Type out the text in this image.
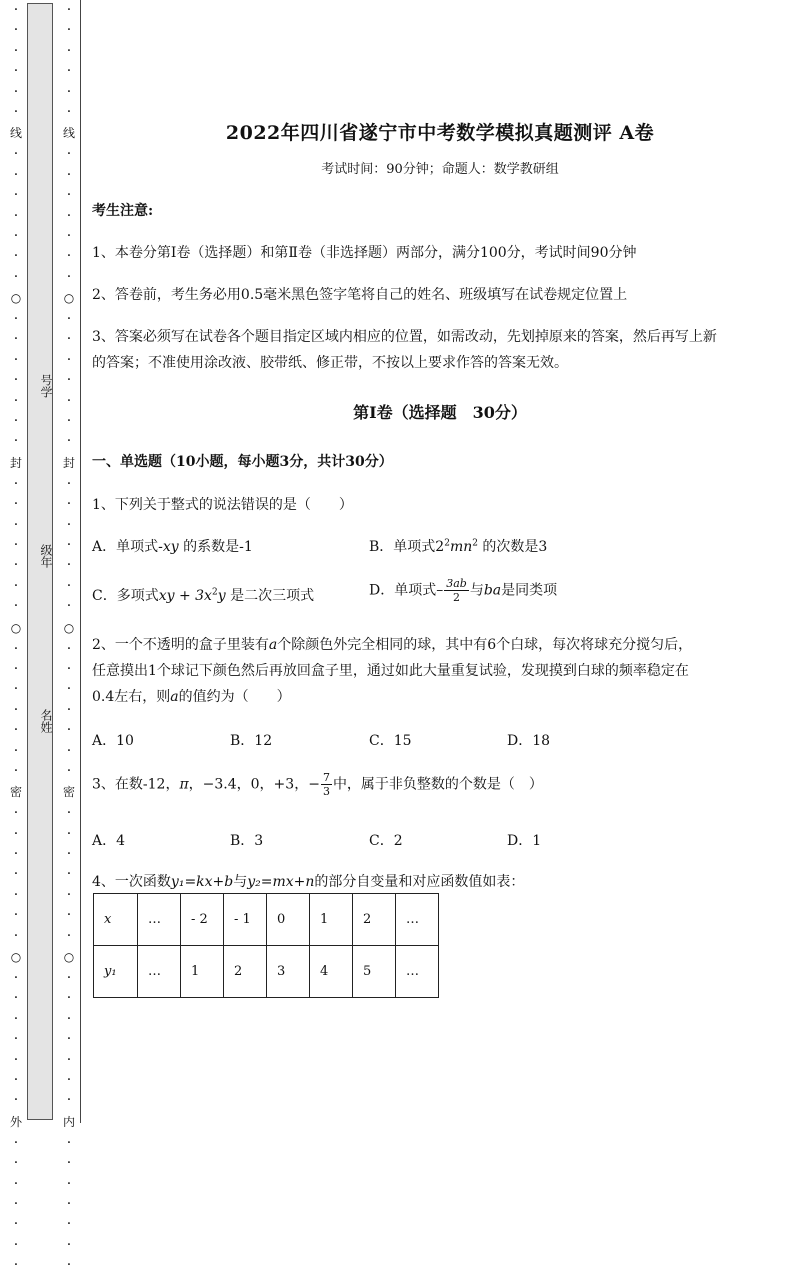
·
·
·
·
·
·
线
·
·
·
·
·
·
·
○
·
·
·
·
·
·
·
封
·
·
·
·
·
·
·
○
·
·
·
·
·
·
·
密
·
·
·
·
·
·
·
○
·
·
·
·
·
·
·
外
·
·
·
·
·
·
·
号学
级年
名姓
·
·
·
·
·
·
线
·
·
·
·
·
·
·
○
·
·
·
·
·
·
·
封
·
·
·
·
·
·
·
○
·
·
·
·
·
·
·
密
·
·
·
·
·
·
·
○
·
·
·
·
·
·
·
内
·
·
·
·
·
·
·
2022年四川省遂宁市中考数学模拟真题测评 A卷
考试时间：90分钟；命题人：数学教研组
考生注意:
1、本卷分第I卷（选择题）和第Ⅱ卷（非选择题）两部分，满分100分，考试时间90分钟
2、答卷前，考生务必用0.5毫米黑色签字笔将自己的姓名、班级填写在试卷规定位置上
3、答案必须写在试卷各个题目指定区域内相应的位置，如需改动，先划掉原来的答案，然后再写上新
的答案；不准使用涂改液、胶带纸、修正带，不按以上要求作答的答案无效。
第I卷（选择题　30分）
一、单选题（10小题，每小题3分，共计30分）
1、下列关于整式的说法错误的是（　　）
A．单项式-xy 的系数是-1	B．单项式$2^2mn^2$ 的次数是3
C．多项式xy + $3x^2y$ 是二次三项式	D．单项式– $\frac{3ab}{2}$ 与ba是同类项
2、一个不透明的盒子里装有a个除颜色外完全相同的球，其中有6个白球，每次将球充分搅匀后，
任意摸出1个球记下颜色然后再放回盒子里，通过如此大量重复试验，发现摸到白球的频率稳定在
0.4左右，则a的值约为（　　）
A．10	B．12	C．15	D．18
3、在数-12，π，−3.4，0，+3，− $\frac{7}{3}$ 中，属于非负整数的个数是（　）
A．4	B．3	C．2	D．1
4、一次函数y₁=kx+b与y₂=mx+n的部分自变量和对应函数值如表：
x	…	- 2	- 1	0	1	2	…
y₁	…	1	2	3	4	5	…
